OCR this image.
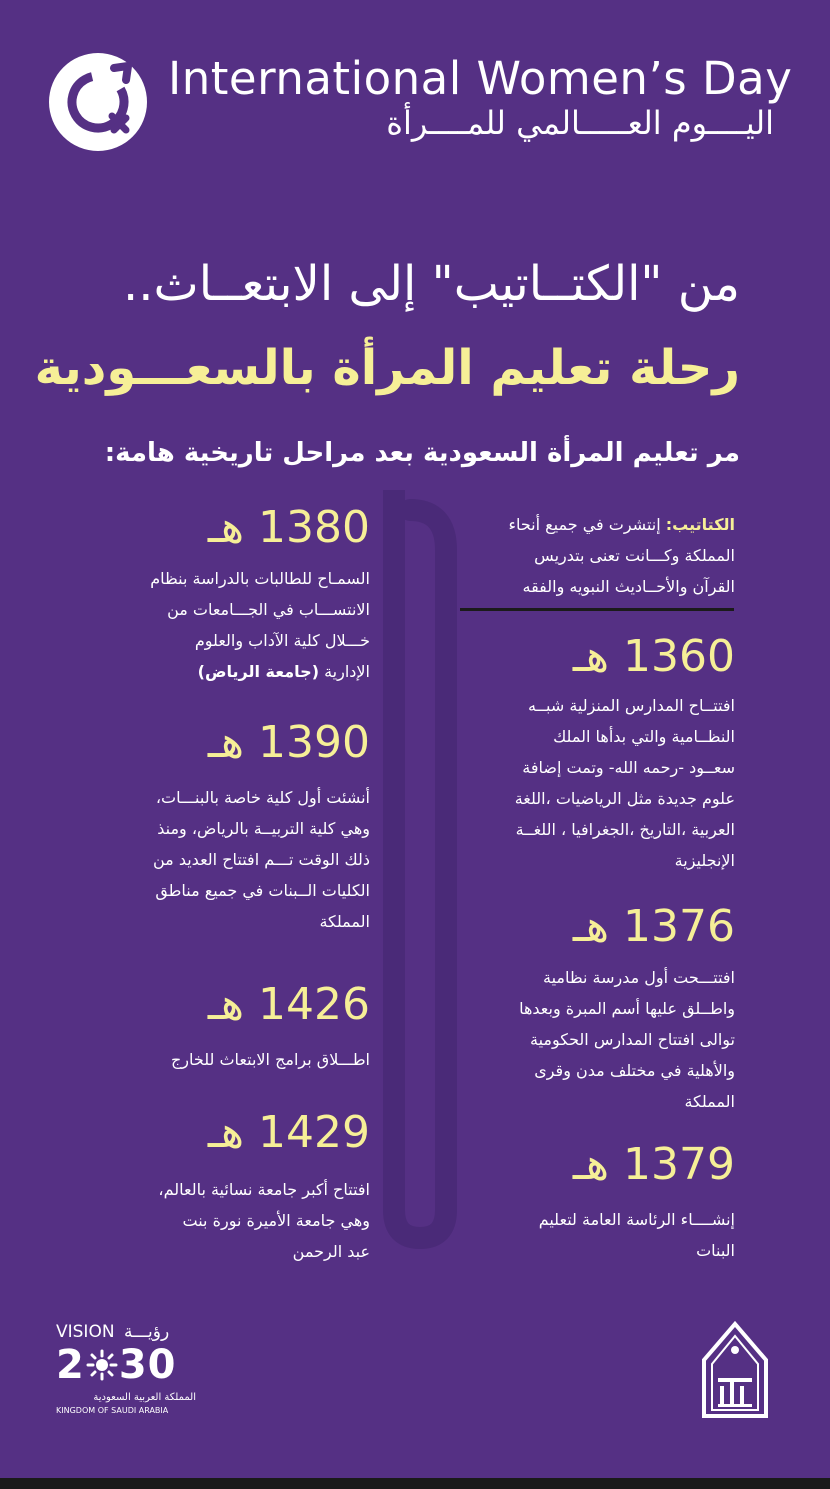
International Women’s Day
اليــــوم العـــــالمي للمــــرأة
من "الكتــاتيب" إلى الابتعــاث..
رحلة تعليم المرأة بالسعـــودية
مر تعليم المرأة السعودية بعد مراحل تاريخية هامة:
الكتاتيب: إنتشرت في جميع أنحاء
المملكة وكـــانت تعنى بتدريس
القرآن والأحــاديث النبويه والفقه
1360 هـ
افتتــاح المدارس المنزلية شبــه
النظــامية والتي بدأها الملك
سعــود -رحمه الله- وتمت إضافة
علوم جديدة مثل الرياضيات ،اللغة
العربية ،التاريخ ،الجغرافيا ، اللغــة
الإنجليزية
1376 هـ
افتتـــحت أول مدرسة نظامية
واطــلق عليها أسم المبرة وبعدها
توالى افتتاح المدارس الحكومية
والأهلية في مختلف مدن وقرى
المملكة
1379 هـ
إنشــــاء الرئاسة العامة لتعليم
البنات
1380 هـ
السمـاح للطالبات بالدراسة بنظام
الانتســـاب في الجـــامعات من
خـــلال كلية الآداب والعلوم
الإدارية (جامعة الرياض)
1390 هـ
أنشئت أول كلية خاصة بالبنـــات،
وهي كلية التربيــة بالرياض، ومنذ
ذلك الوقت تـــم افتتاح العديد من
الكليات الــبنات في جميع مناطق
المملكة
1426 هـ
اطـــلاق برامج الابتعاث للخارج
1429 هـ
افتتاح أكبر جامعة نسائية بالعالم،
وهي جامعة الأميرة نورة بنت
عبد الرحمن
VISION رؤيـــة
2 30
المملكة العربية السعودية
KINGDOM OF SAUDI ARABIA
